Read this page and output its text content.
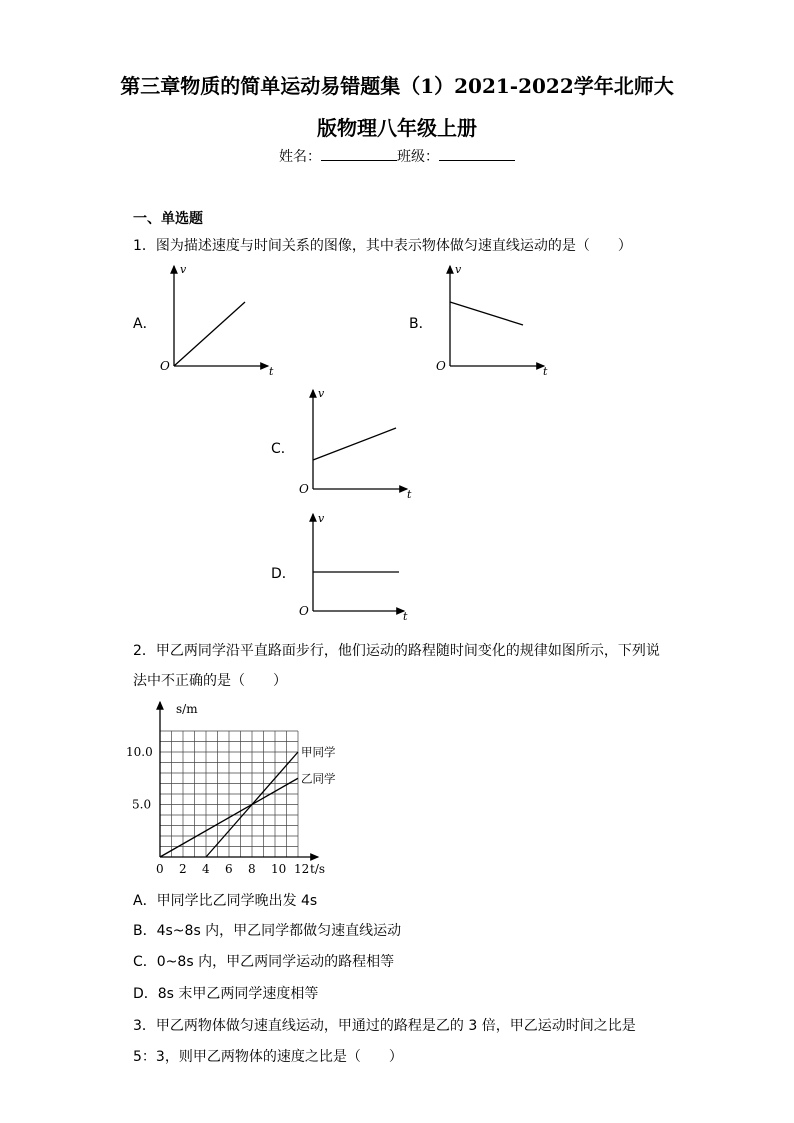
第三章物质的简单运动易错题集（1）2021-2022学年北师大
版物理八年级上册
姓名：	班级：
一、单选题
1．图为描述速度与时间关系的图像，其中表示物体做匀速直线运动的是（　　）
A．
v
t
O
v
t
O
v
t
O
v
t
O
B．
C．
D．
2．甲乙两同学沿平直路面步行，他们运动的路程随时间变化的规律如图所示，下列说
法中不正确的是（　　）
s/m
t/s
0 2 4 6 8 10 12
5.0
10.0	甲同学
乙同学
A．甲同学比乙同学晚出发 4s
B．4s~8s 内，甲乙同学都做匀速直线运动
C．0~8s 内，甲乙两同学运动的路程相等
D．8s 末甲乙两同学速度相等
3．甲乙两物体做匀速直线运动，甲通过的路程是乙的 3 倍，甲乙运动时间之比是
5：3，则甲乙两物体的速度之比是（　　）
